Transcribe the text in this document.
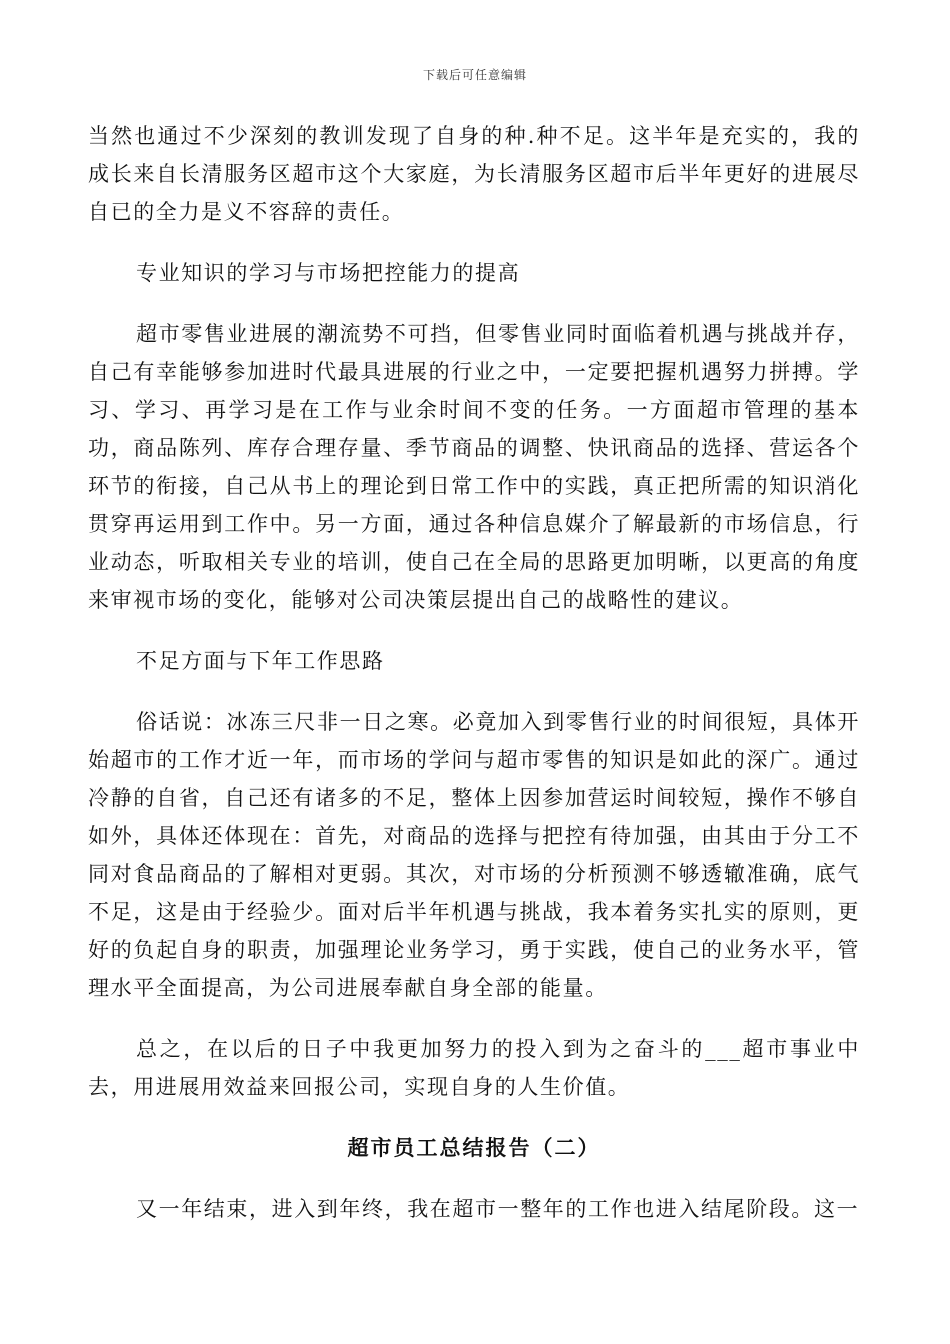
下载后可任意编辑

当然也通过不少深刻的教训发现了自身的种.种不足。这半年是充实的，我的成长来自长清服务区超市这个大家庭，为长清服务区超市后半年更好的进展尽自已的全力是义不容辞的责任。

专业知识的学习与市场把控能力的提高

超市零售业进展的潮流势不可挡，但零售业同时面临着机遇与挑战并存，自己有幸能够参加进时代最具进展的行业之中，一定要把握机遇努力拼搏。学习、学习、再学习是在工作与业余时间不变的任务。一方面超市管理的基本功，商品陈列、库存合理存量、季节商品的调整、快讯商品的选择、营运各个环节的衔接，自己从书上的理论到日常工作中的实践，真正把所需的知识消化贯穿再运用到工作中。另一方面，通过各种信息媒介了解最新的市场信息，行业动态，听取相关专业的培训，使自己在全局的思路更加明晰，以更高的角度来审视市场的变化，能够对公司决策层提出自己的战略性的建议。

不足方面与下年工作思路

俗话说：冰冻三尺非一日之寒。必竟加入到零售行业的时间很短，具体开始超市的工作才近一年，而市场的学问与超市零售的知识是如此的深广。通过冷静的自省，自己还有诸多的不足，整体上因参加营运时间较短，操作不够自如外，具体还体现在：首先，对商品的选择与把控有待加强，由其由于分工不同对食品商品的了解相对更弱。其次，对市场的分析预测不够透辙准确，底气不足，这是由于经验少。面对后半年机遇与挑战，我本着务实扎实的原则，更好的负起自身的职责，加强理论业务学习，勇于实践，使自己的业务水平，管理水平全面提高，为公司进展奉献自身全部的能量。

总之，在以后的日子中我更加努力的投入到为之奋斗的___超市事业中去，用进展用效益来回报公司，实现自身的人生价值。

超市员工总结报告（二）

又一年结束，进入到年终，我在超市一整年的工作也进入结尾阶段。这一
